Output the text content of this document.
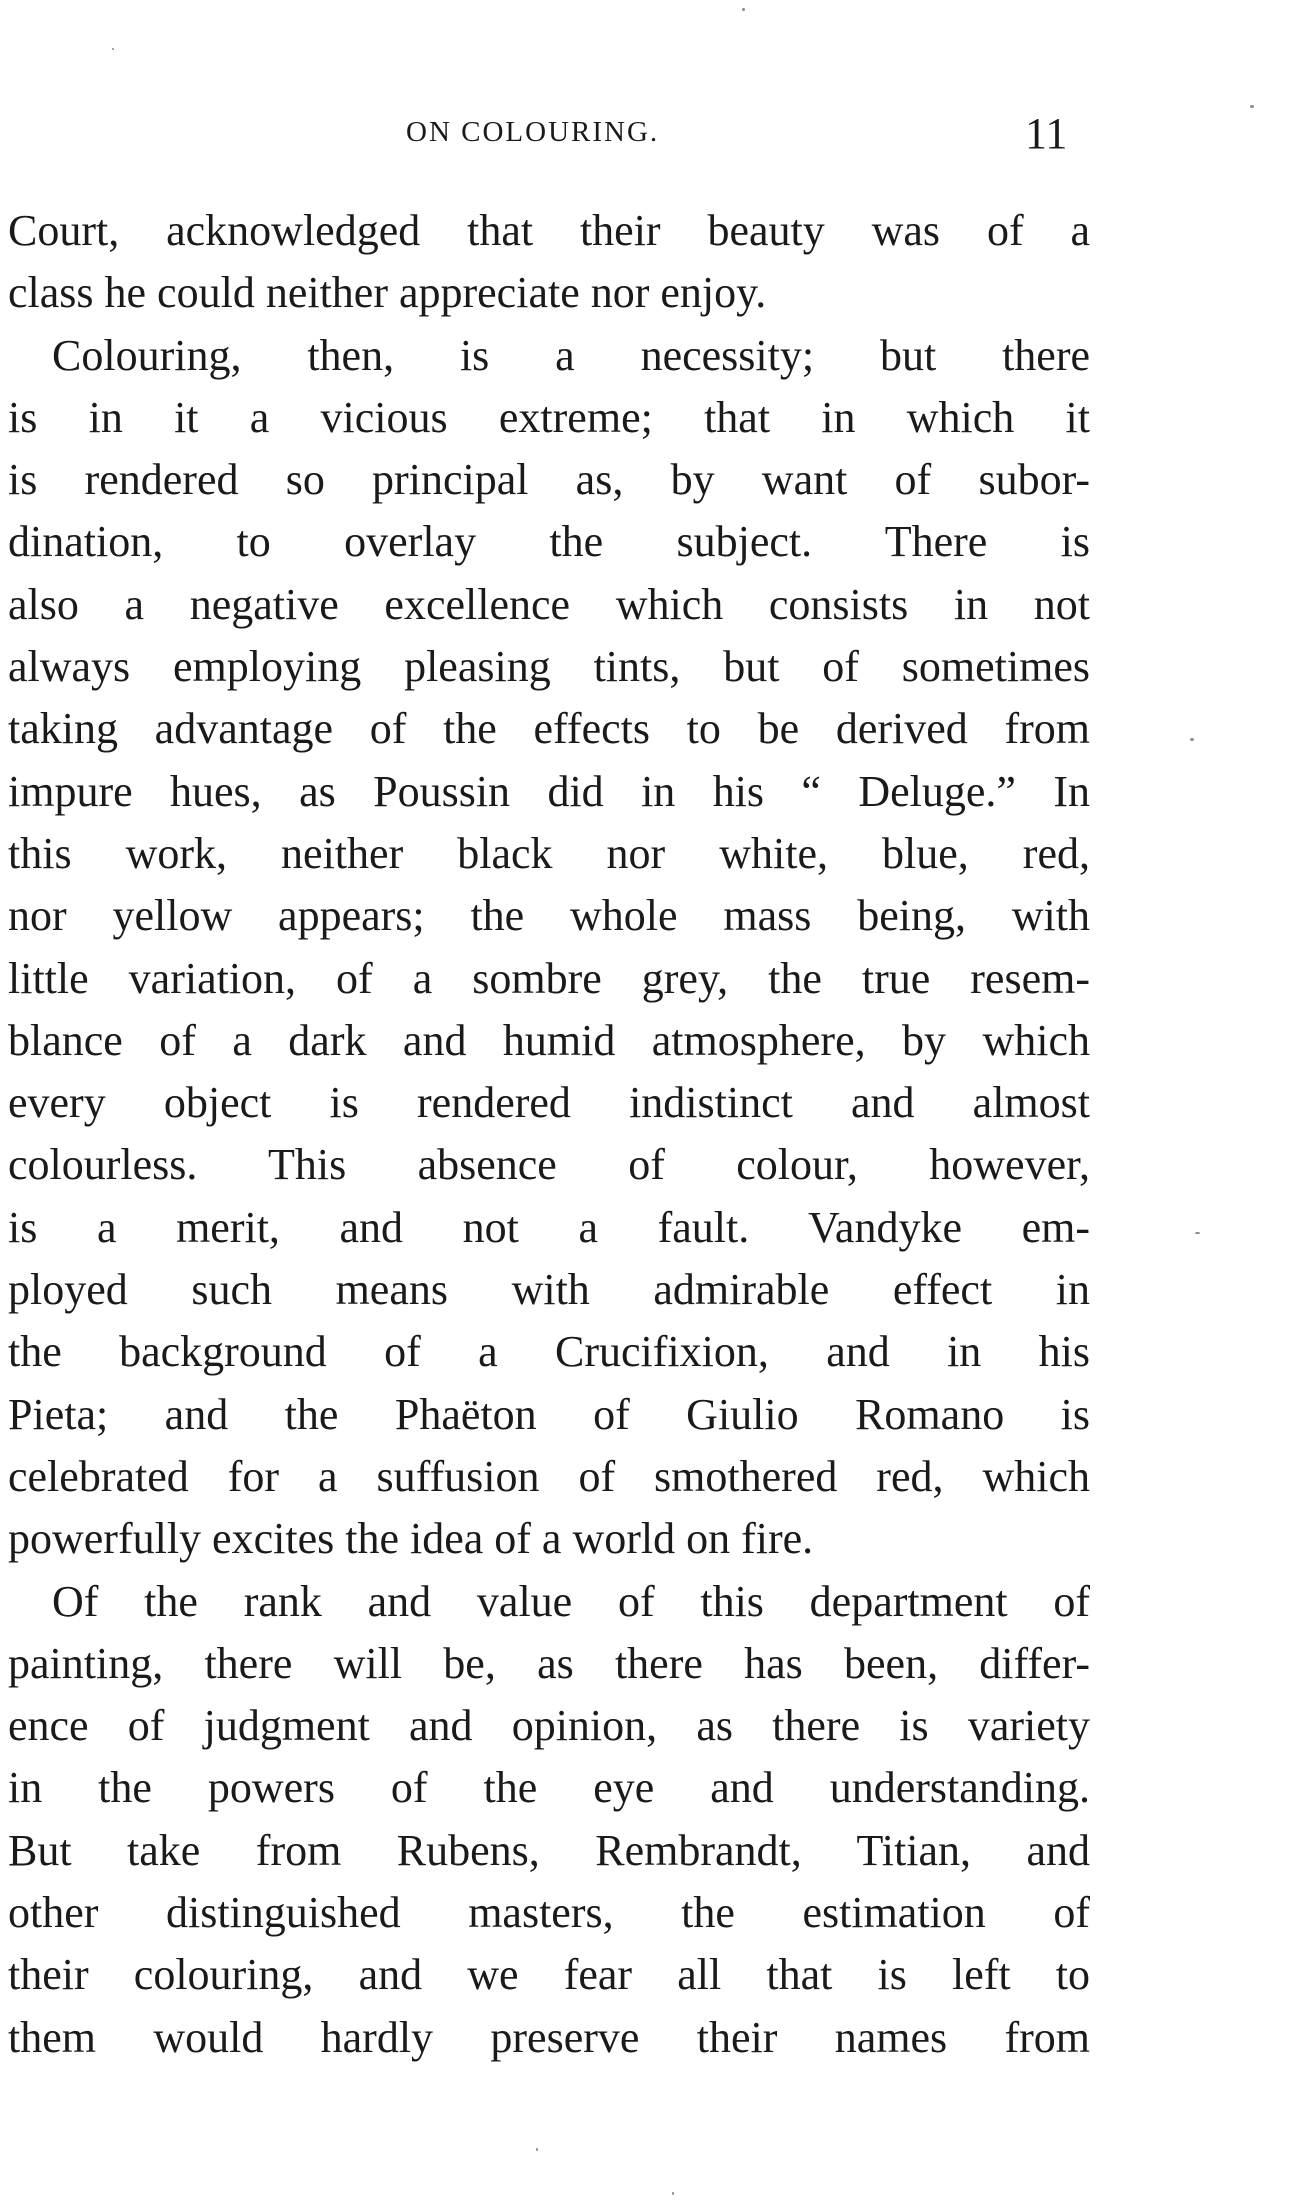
ON COLOURING.	11
Court, acknowledged that their beauty was of a
class he could neither appreciate nor enjoy.
Colouring, then, is a necessity; but there
is in it a vicious extreme; that in which it
is rendered so principal as, by want of subor-
dination, to overlay the subject. There is
also a negative excellence which consists in not
always employing pleasing tints, but of sometimes
taking advantage of the effects to be derived from
impure hues, as Poussin did in his “ Deluge.” In
this work, neither black nor white, blue, red,
nor yellow appears; the whole mass being, with
little variation, of a sombre grey, the true resem-
blance of a dark and humid atmosphere, by which
every object is rendered indistinct and almost
colourless. This absence of colour, however,
is a merit, and not a fault. Vandyke em-
ployed such means with admirable effect in
the background of a Crucifixion, and in his
Pieta; and the Phaëton of Giulio Romano is
celebrated for a suffusion of smothered red, which
powerfully excites the idea of a world on fire.
Of the rank and value of this department of
painting, there will be, as there has been, differ-
ence of judgment and opinion, as there is variety
in the powers of the eye and understanding.
But take from Rubens, Rembrandt, Titian, and
other distinguished masters, the estimation of
their colouring, and we fear all that is left to
them would hardly preserve their names from
